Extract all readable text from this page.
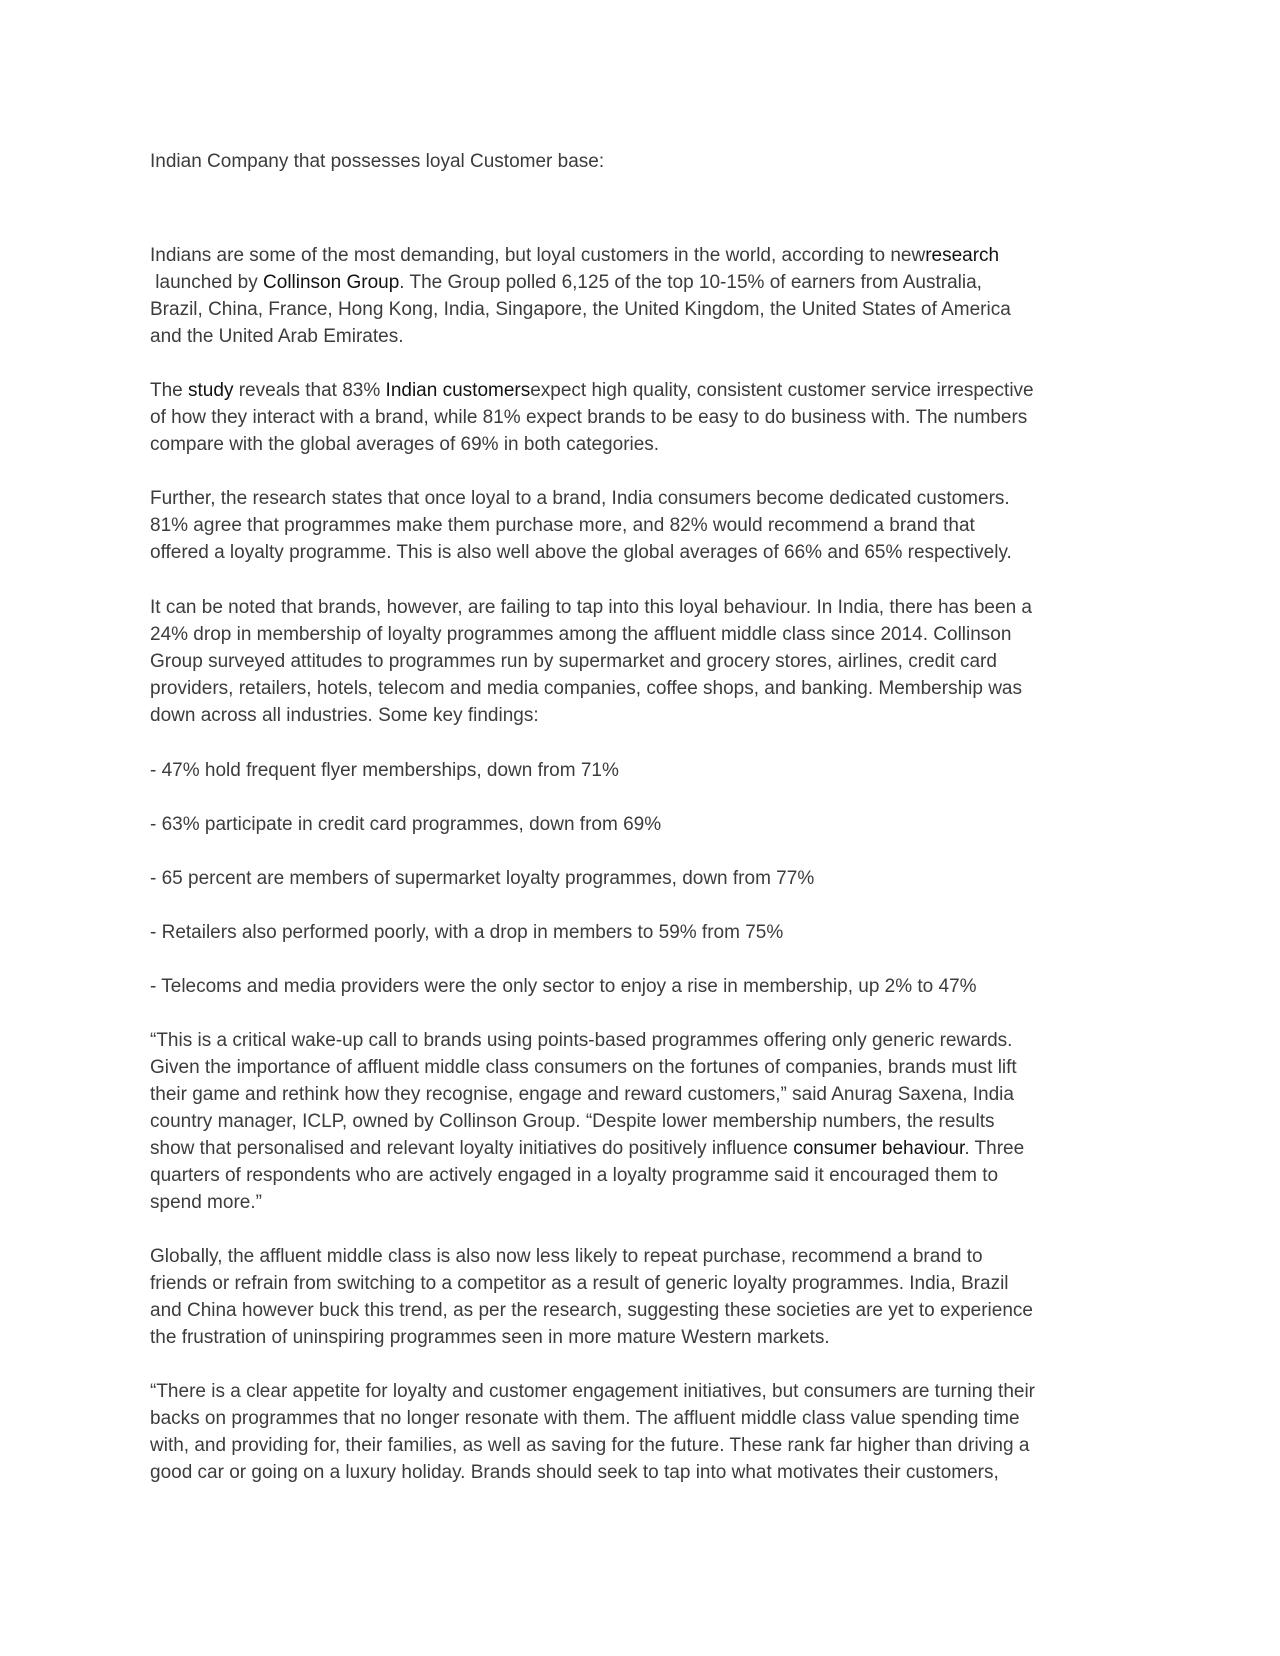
Indian Company that possesses loyal Customer base:

Indians are some of the most demanding, but loyal customers in the world, according to newresearch
launched by Collinson Group. The Group polled 6,125 of the top 10-15% of earners from Australia,
Brazil, China, France, Hong Kong, India, Singapore, the United Kingdom, the United States of America
and the United Arab Emirates.

The study reveals that 83% Indian customersexpect high quality, consistent customer service irrespective
of how they interact with a brand, while 81% expect brands to be easy to do business with. The numbers
compare with the global averages of 69% in both categories.

Further, the research states that once loyal to a brand, India consumers become dedicated customers.
81% agree that programmes make them purchase more, and 82% would recommend a brand that
offered a loyalty programme. This is also well above the global averages of 66% and 65% respectively.

It can be noted that brands, however, are failing to tap into this loyal behaviour. In India, there has been a
24% drop in membership of loyalty programmes among the affluent middle class since 2014. Collinson
Group surveyed attitudes to programmes run by supermarket and grocery stores, airlines, credit card
providers, retailers, hotels, telecom and media companies, coffee shops, and banking. Membership was
down across all industries. Some key findings:

- 47% hold frequent flyer memberships, down from 71%

- 63% participate in credit card programmes, down from 69%

- 65 percent are members of supermarket loyalty programmes, down from 77%

- Retailers also performed poorly, with a drop in members to 59% from 75%

- Telecoms and media providers were the only sector to enjoy a rise in membership, up 2% to 47%

“This is a critical wake-up call to brands using points-based programmes offering only generic rewards.
Given the importance of affluent middle class consumers on the fortunes of companies, brands must lift
their game and rethink how they recognise, engage and reward customers,” said Anurag Saxena, India
country manager, ICLP, owned by Collinson Group. “Despite lower membership numbers, the results
show that personalised and relevant loyalty initiatives do positively influence consumer behaviour. Three
quarters of respondents who are actively engaged in a loyalty programme said it encouraged them to
spend more.”

Globally, the affluent middle class is also now less likely to repeat purchase, recommend a brand to
friends or refrain from switching to a competitor as a result of generic loyalty programmes. India, Brazil
and China however buck this trend, as per the research, suggesting these societies are yet to experience
the frustration of uninspiring programmes seen in more mature Western markets.

“There is a clear appetite for loyalty and customer engagement initiatives, but consumers are turning their
backs on programmes that no longer resonate with them. The affluent middle class value spending time
with, and providing for, their families, as well as saving for the future. These rank far higher than driving a
good car or going on a luxury holiday. Brands should seek to tap into what motivates their customers,
